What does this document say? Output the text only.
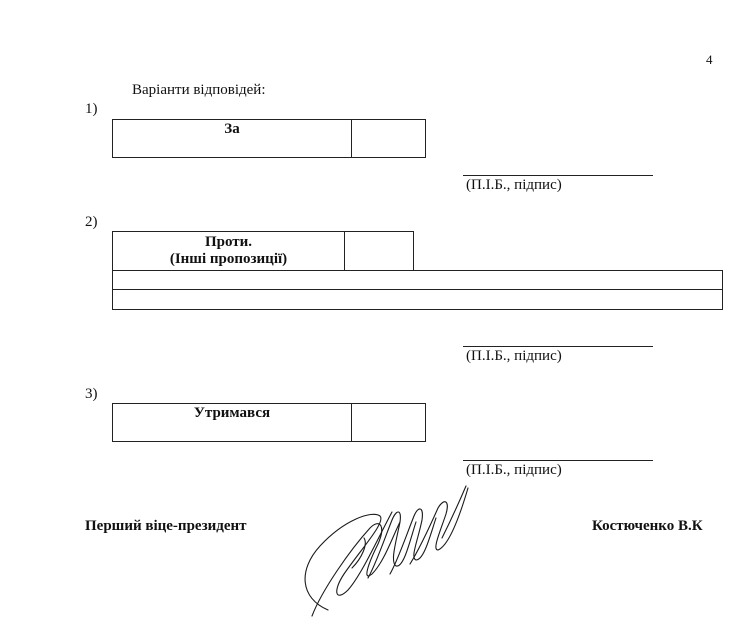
4
Варіанти відповідей:
1)
За
(П.І.Б., підпис)
2)
Проти.
(Інші пропозиції)
(П.І.Б., підпис)
3)
Утримався
(П.І.Б., підпис)
Перший віце-президент	Костюченко В.К
